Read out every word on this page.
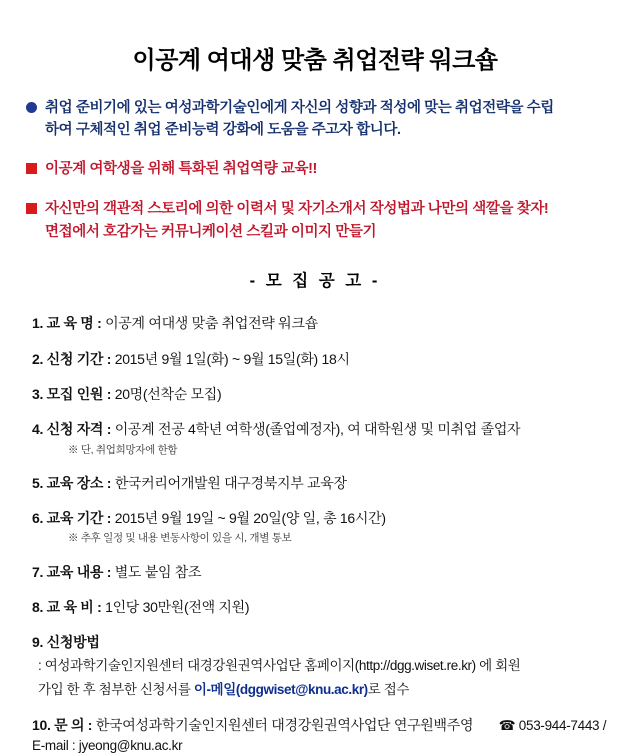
이공계 여대생 맞춤 취업전략 워크숍
취업 준비기에 있는 여성과학기술인에게 자신의 성향과 적성에 맞는 취업전략을 수립
하여 구체적인 취업 준비능력 강화에 도움을 주고자 합니다.
이공계 여학생을 위해 특화된 취업역량 교육!!
자신만의 객관적 스토리에 의한 이력서 및 자기소개서 작성법과 나만의 색깔을 찾자!
면접에서 호감가는 커뮤니케이션 스킬과 이미지 만들기
- 모 집 공 고 -
1. 교 육 명 : 이공계 여대생 맞춤 취업전략 워크숍
2. 신청 기간 : 2015년 9월 1일(화) ~ 9월 15일(화) 18시
3. 모집 인원 : 20명(선착순 모집)
4. 신청 자격 : 이공계 전공 4학년 여학생(졸업예정자), 여 대학원생 및 미취업 졸업자
※ 단, 취업희망자에 한함
5. 교육 장소 : 한국커리어개발원 대구경북지부 교육장
6. 교육 기간 : 2015년 9월 19일 ~ 9월 20일(양 일, 총 16시간)
※ 추후 일정 및 내용 변동사항이 있을 시, 개별 통보
7. 교육 내용 : 별도 붙임 참조
8. 교 육 비 : 1인당 30만원(전액 지원)
9. 신청방법
: 여성과학기술인지원센터 대경강원권역사업단 홈페이지(http://dgg.wiset.re.kr) 에 회원
가입 한 후 첨부한 신청서를 이-메일(dggwiset@knu.ac.kr)로 접수
10. 문 의 : 한국여성과학기술인지원센터 대경강원권역사업단 연구원백주영 ☎ 053-944-7443 / E-mail : jyeong@knu.ac.kr
